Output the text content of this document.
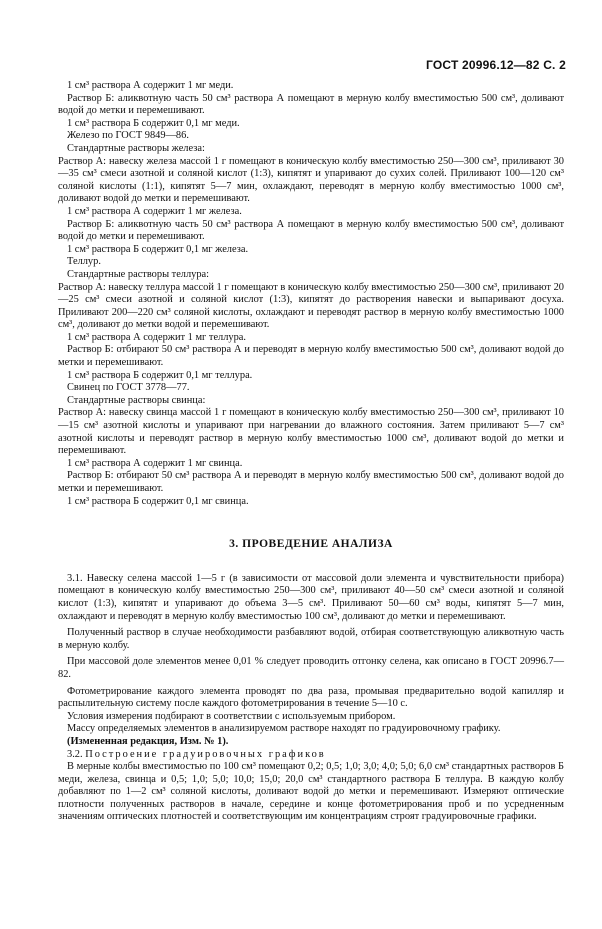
ГОСТ 20996.12—82 С. 2

1 см³ раствора А содержит 1 мг меди.

Раствор Б: аликвотную часть 50 см³ раствора А помещают в мерную колбу вместимостью 500 см³, доливают водой до метки и перемешивают.

1 см³ раствора Б содержит 0,1 мг меди.

Железо по ГОСТ 9849—86.

Стандартные растворы железа:

Раствор А: навеску железа массой 1 г помещают в коническую колбу вместимостью 250—300 см³, приливают 30—35 см³ смеси азотной и соляной кислот (1:3), кипятят и упаривают до сухих солей. Приливают 100—120 см³ соляной кислоты (1:1), кипятят 5—7 мин, охлаждают, переводят в мерную колбу вместимостью 1000 см³, доливают водой до метки и перемешивают.

1 см³ раствора А содержит 1 мг железа.

Раствор Б: аликвотную часть 50 см³ раствора А помещают в мерную колбу вместимостью 500 см³, доливают водой до метки и перемешивают.

1 см³ раствора Б содержит 0,1 мг железа.

Теллур.

Стандартные растворы теллура:

Раствор А: навеску теллура массой 1 г помещают в коническую колбу вместимостью 250—300 см³, приливают 20—25 см³ смеси азотной и соляной кислот (1:3), кипятят до растворения навески и выпаривают досуха. Приливают 200—220 см³ соляной кислоты, охлаждают и переводят раствор в мерную колбу вместимостью 1000 см³, доливают до метки водой и перемешивают.

1 см³ раствора А содержит 1 мг теллура.

Раствор Б: отбирают 50 см³ раствора А и переводят в мерную колбу вместимостью 500 см³, доливают водой до метки и перемешивают.

1 см³ раствора Б содержит 0,1 мг теллура.

Свинец по ГОСТ 3778—77.

Стандартные растворы свинца:

Раствор А: навеску свинца массой 1 г помещают в коническую колбу вместимостью 250—300 см³, приливают 10—15 см³ азотной кислоты и упаривают при нагревании до влажного состояния. Затем приливают 5—7 см³ азотной кислоты и переводят раствор в мерную колбу вместимостью 1000 см³, доливают водой до метки и перемешивают.

1 см³ раствора А содержит 1 мг свинца.

Раствор Б: отбирают 50 см³ раствора А и переводят в мерную колбу вместимостью 500 см³, доливают водой до метки и перемешивают.

1 см³ раствора Б содержит 0,1 мг свинца.

3. ПРОВЕДЕНИЕ АНАЛИЗА

3.1. Навеску селена массой 1—5 г (в зависимости от массовой доли элемента и чувствительности прибора) помещают в коническую колбу вместимостью 250—300 см³, приливают 40—50 см³ смеси азотной и соляной кислот (1:3), кипятят и упаривают до объема 3—5 см³. Приливают 50—60 см³ воды, кипятят 5—7 мин, охлаждают и переводят в мерную колбу вместимостью 100 см³, доливают до метки и перемешивают.

Полученный раствор в случае необходимости разбавляют водой, отбирая соответствующую аликвотную часть в мерную колбу.

При массовой доле элементов менее 0,01 % следует проводить отгонку селена, как описано в ГОСТ 20996.7—82.

Фотометрирование каждого элемента проводят по два раза, промывая предварительно водой капилляр и распылительную систему после каждого фотометрирования в течение 5—10 с.

Условия измерения подбирают в соответствии с используемым прибором.

Массу определяемых элементов в анализируемом растворе находят по градуировочному графику.

(Измененная редакция, Изм. № 1).

3.2. Построение градуировочных графиков

В мерные колбы вместимостью по 100 см³ помещают 0,2; 0,5; 1,0; 3,0; 4,0; 5,0; 6,0 см³ стандартных растворов Б меди, железа, свинца и 0,5; 1,0; 5,0; 10,0; 15,0; 20,0 см³ стандартного раствора Б теллура. В каждую колбу добавляют по 1—2 см³ соляной кислоты, доливают водой до метки и перемешивают. Измеряют оптические плотности полученных растворов в начале, середине и конце фотометрирования проб и по усредненным значениям оптических плотностей и соответствующим им концентрациям строят градуировочные графики.
